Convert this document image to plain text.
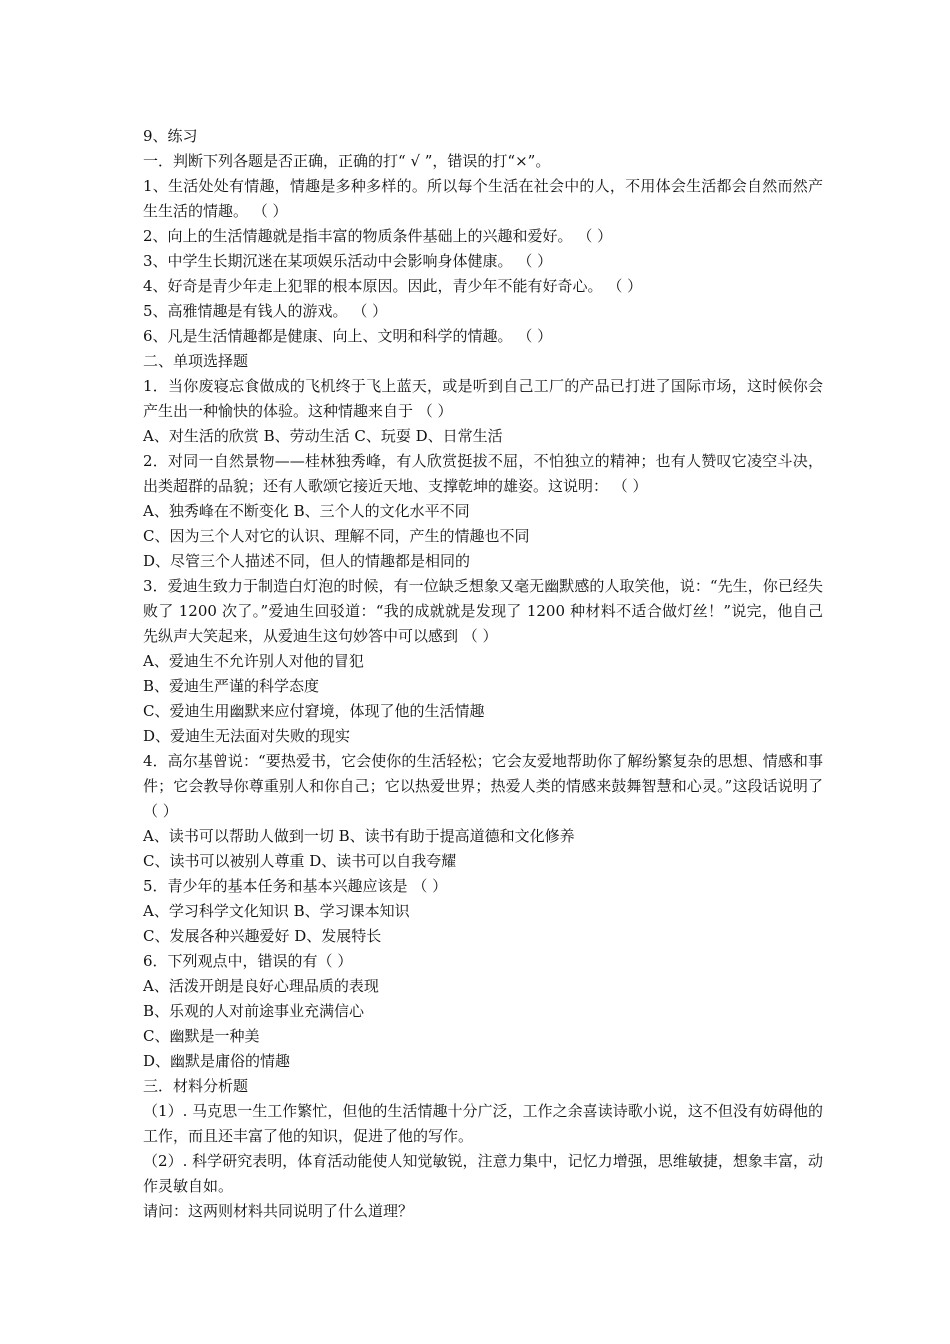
9、练习
一．判断下列各题是否正确，正确的打“ √ ”，错误的打“×”。
1、生活处处有情趣，情趣是多种多样的。所以每个生活在社会中的人，不用体会生活都会自然而然产生生活的情趣。 （ ）
2、向上的生活情趣就是指丰富的物质条件基础上的兴趣和爱好。 （ ）
3、中学生长期沉迷在某项娱乐活动中会影响身体健康。 （ ）
4、好奇是青少年走上犯罪的根本原因。因此，青少年不能有好奇心。 （ ）
5、高雅情趣是有钱人的游戏。 （ ）
6、凡是生活情趣都是健康、向上、文明和科学的情趣。 （ ）
二、单项选择题
1．当你废寝忘食做成的飞机终于飞上蓝天，或是听到自己工厂的产品已打进了国际市场，这时候你会产生出一种愉快的体验。这种情趣来自于 （ ）
A、对生活的欣赏 B、劳动生活 C、玩耍 D、日常生活
2．对同一自然景物——桂林独秀峰，有人欣赏挺拔不屈，不怕独立的精神；也有人赞叹它凌空斗决，出类超群的品貌；还有人歌颂它接近天地、支撑乾坤的雄姿。这说明： （ ）
A、独秀峰在不断变化 B、三个人的文化水平不同
C、因为三个人对它的认识、理解不同，产生的情趣也不同
D、尽管三个人描述不同，但人的情趣都是相同的
3．爱迪生致力于制造白灯泡的时候，有一位缺乏想象又毫无幽默感的人取笑他，说：“先生，你已经失败了 1200 次了。”爱迪生回驳道：“我的成就就是发现了 1200 种材料不适合做灯丝！”说完，他自己先纵声大笑起来，从爱迪生这句妙答中可以感到 （ ）
A、爱迪生不允许别人对他的冒犯
B、爱迪生严谨的科学态度
C、爱迪生用幽默来应付窘境，体现了他的生活情趣
D、爱迪生无法面对失败的现实
4．高尔基曾说：“要热爱书，它会使你的生活轻松；它会友爱地帮助你了解纷繁复杂的思想、情感和事件；它会教导你尊重别人和你自己；它以热爱世界；热爱人类的情感来鼓舞智慧和心灵。”这段话说明了 （ ）
A、读书可以帮助人做到一切 B、读书有助于提高道德和文化修养
C、读书可以被别人尊重 D、读书可以自我夸耀
5．青少年的基本任务和基本兴趣应该是 （ ）
A、学习科学文化知识 B、学习课本知识
C、发展各种兴趣爱好 D、发展特长
6．下列观点中，错误的有（ ）
A、活泼开朗是良好心理品质的表现
B、乐观的人对前途事业充满信心
C、幽默是一种美
D、幽默是庸俗的情趣
三．材料分析题
（1）. 马克思一生工作繁忙，但他的生活情趣十分广泛，工作之余喜读诗歌小说，这不但没有妨碍他的工作，而且还丰富了他的知识，促进了他的写作。
（2）. 科学研究表明，体育活动能使人知觉敏锐，注意力集中，记忆力增强，思维敏捷，想象丰富，动作灵敏自如。
请问：这两则材料共同说明了什么道理？
